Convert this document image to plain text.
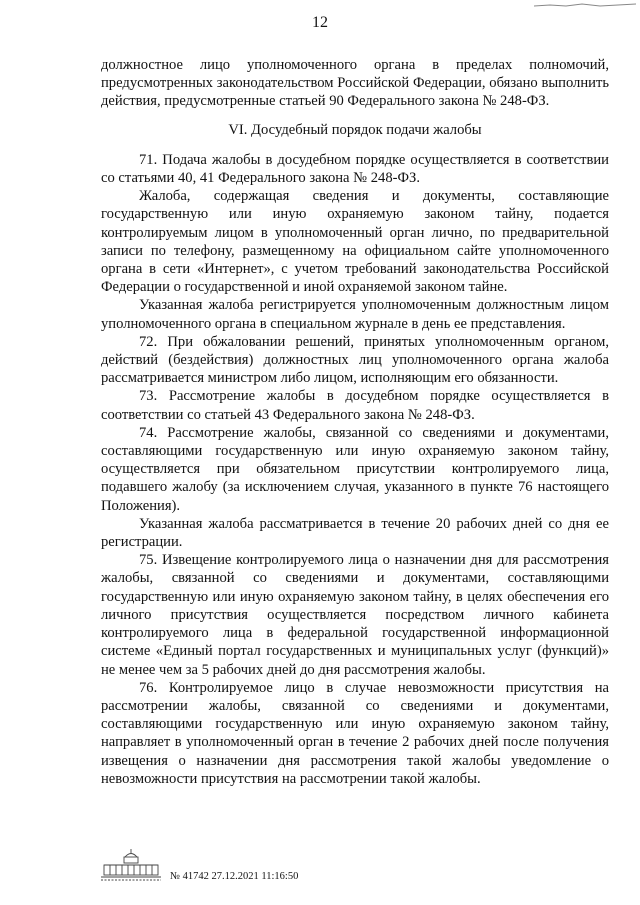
12

должностное лицо уполномоченного органа в пределах полномочий, предусмотренных законодательством Российской Федерации, обязано выполнить действия, предусмотренные статьей 90 Федерального закона № 248-ФЗ.

VI. Досудебный порядок подачи жалобы

71. Подача жалобы в досудебном порядке осуществляется в соответствии со статьями 40, 41 Федерального закона № 248-ФЗ.

Жалоба, содержащая сведения и документы, составляющие государственную или иную охраняемую законом тайну, подается контролируемым лицом в уполномоченный орган лично, по предварительной записи по телефону, размещенному на официальном сайте уполномоченного органа в сети «Интернет», с учетом требований законодательства Российской Федерации о государственной и иной охраняемой законом тайне.

Указанная жалоба регистрируется уполномоченным должностным лицом уполномоченного органа в специальном журнале в день ее представления.

72. При обжаловании решений, принятых уполномоченным органом, действий (бездействия) должностных лиц уполномоченного органа жалоба рассматривается министром либо лицом, исполняющим его обязанности.

73. Рассмотрение жалобы в досудебном порядке осуществляется в соответствии со статьей 43 Федерального закона № 248-ФЗ.

74. Рассмотрение жалобы, связанной со сведениями и документами, составляющими государственную или иную охраняемую законом тайну, осуществляется при обязательном присутствии контролируемого лица, подавшего жалобу (за исключением случая, указанного в пункте 76 настоящего Положения).

Указанная жалоба рассматривается в течение 20 рабочих дней со дня ее регистрации.

75. Извещение контролируемого лица о назначении дня для рассмотрения жалобы, связанной со сведениями и документами, составляющими государственную или иную охраняемую законом тайну, в целях обеспечения его личного присутствия осуществляется посредством личного кабинета контролируемого лица в федеральной государственной информационной системе «Единый портал государственных и муниципальных услуг (функций)» не менее чем за 5 рабочих дней до дня рассмотрения жалобы.

76. Контролируемое лицо в случае невозможности присутствия на рассмотрении жалобы, связанной со сведениями и документами, составляющими государственную или иную охраняемую законом тайну, направляет в уполномоченный орган в течение 2 рабочих дней после получения извещения о назначении дня рассмотрения такой жалобы уведомление о невозможности присутствия на рассмотрении такой жалобы.

№ 41742 27.12.2021 11:16:50
